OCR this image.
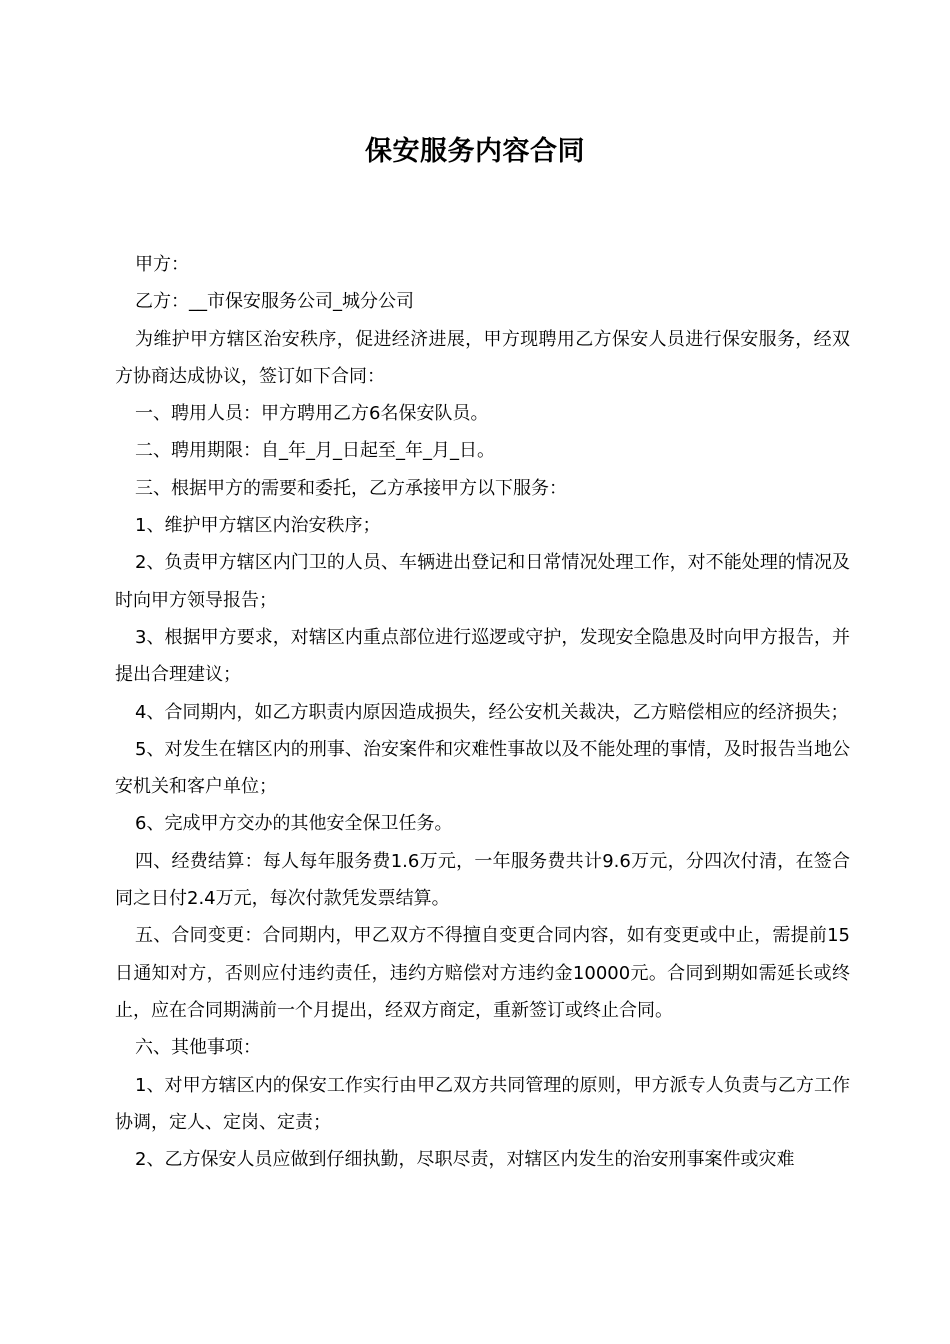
保安服务内容合同

甲方：

乙方：__市保安服务公司_城分公司

为维护甲方辖区治安秩序，促进经济进展，甲方现聘用乙方保安人员进行保安服务，经双方协商达成协议，签订如下合同：

一、聘用人员：甲方聘用乙方6名保安队员。

二、聘用期限：自_年_月_日起至_年_月_日。

三、根据甲方的需要和委托，乙方承接甲方以下服务：

1、维护甲方辖区内治安秩序；

2、负责甲方辖区内门卫的人员、车辆进出登记和日常情况处理工作，对不能处理的情况及时向甲方领导报告；

3、根据甲方要求，对辖区内重点部位进行巡逻或守护，发现安全隐患及时向甲方报告，并提出合理建议；

4、合同期内，如乙方职责内原因造成损失，经公安机关裁决，乙方赔偿相应的经济损失；

5、对发生在辖区内的刑事、治安案件和灾难性事故以及不能处理的事情，及时报告当地公安机关和客户单位；

6、完成甲方交办的其他安全保卫任务。

四、经费结算：每人每年服务费1.6万元，一年服务费共计9.6万元，分四次付清，在签合同之日付2.4万元，每次付款凭发票结算。

五、合同变更：合同期内，甲乙双方不得擅自变更合同内容，如有变更或中止，需提前15日通知对方，否则应付违约责任，违约方赔偿对方违约金10000元。合同到期如需延长或终止，应在合同期满前一个月提出，经双方商定，重新签订或终止合同。

六、其他事项：

1、对甲方辖区内的保安工作实行由甲乙双方共同管理的原则，甲方派专人负责与乙方工作协调，定人、定岗、定责；

2、乙方保安人员应做到仔细执勤，尽职尽责，对辖区内发生的治安刑事案件或灾难
